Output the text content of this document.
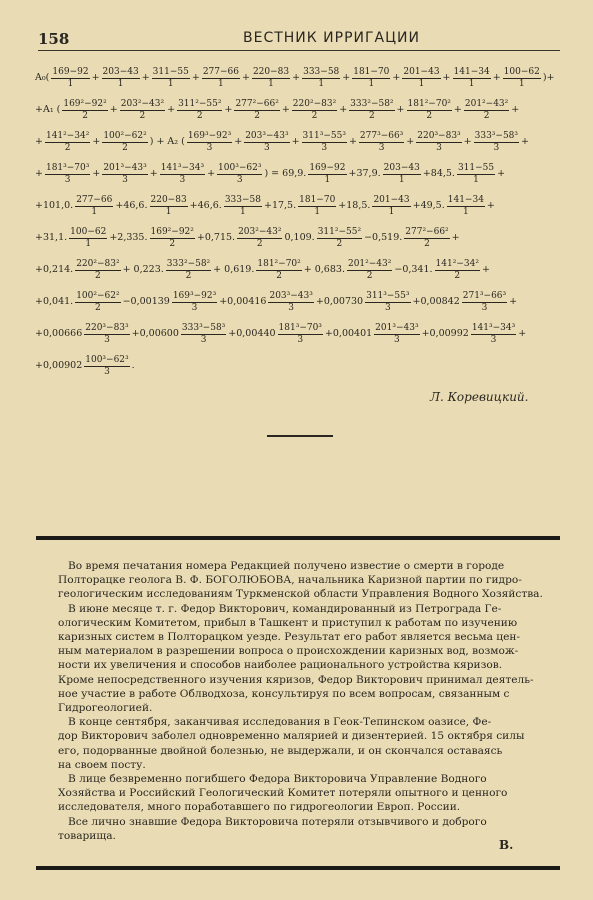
158	ВЕСТНИК ИРРИГАЦИИ
$A_0( \frac{169-92}{1} + \frac{203-43}{1} + \frac{311-55}{1} + \frac{277-66}{1} + \frac{220-83}{1} + \frac{333-58}{1} + \frac{181-70}{1} + \frac{201-43}{1} + \frac{141-34}{1} + \frac{100-62}{1}$ )+
+A₁ ( $\frac{\text{169²−92²}}{2} + \frac{\text{203²−43²}}{2} + \frac{\text{311²−55²}}{2} + \frac{\text{277²−66²}}{2} + \frac{\text{220²−83²}}{2} + \frac{\text{333²−58²}}{2} + \frac{\text{181²−70²}}{2} + \frac{\text{201²−43²}}{2}$ +
+ $\frac{\text{141²−34²}}{2} + \frac{\text{100²−62²}}{2}$ ) + A₂ ( $\frac{\text{169³−92³}}{3} + \frac{\text{203³−43³}}{3} + \frac{\text{311³−55³}}{3} + \frac{\text{277³−66³}}{3} + \frac{\text{220³−83³}}{3} + \frac{\text{333³−58³}}{3}$ +
+ $\frac{\text{181³−70³}}{3} + \frac{\text{201³−43³}}{3} + \frac{\text{141³−34³}}{3} + \frac{\text{100³−62³}}{3}$ ) = 69,9. $\frac{169-92}{1} +37,9$. $\frac{203-43}{1} +84,5$. $\frac{311-55}{1}$ +
+101,0. $\frac{277-66}{1} +46,6$. $\frac{220-83}{1} +46,6$. $\frac{333-58}{1} +17,5$. $\frac{181-70}{1} +18,5$. $\frac{201-43}{1} +49,5$. $\frac{141-34}{1}$ +
+31,1. $\frac{100-62}{1} +2,335$. $\frac{\text{169²−92²}}{2} +0,715$. $\frac{\text{203²−43²}}{2} 0,109$. $\frac{\text{311²−55²}}{2} -0,519$. $\frac{\text{277²−66²}}{2}$ +
+0,214. $\frac{\text{220²−83²}}{2} + 0,223$. $\frac{\text{333²−58²}}{2} + 0,619$. $\frac{\text{181²−70²}}{2} + 0,683$. $\frac{\text{201²−43²}}{2} -0,341$. $\frac{\text{141²−34²}}{2}$ +
+0,041. $\frac{\text{100²−62²}}{2} -0,00139 \frac{\text{169³−92³}}{3} +0,00416 \frac{\text{203³−43³}}{3} +0,00730 \frac{\text{311³−55³}}{3} +0,00842 \frac{\text{271³−66³}}{3}$ +
$+0,00666 \frac{\text{220³−83³}}{3} +0,00600 \frac{\text{333³−58³}}{3} +0,00440 \frac{\text{181³−70³}}{3} +0,00401 \frac{\text{201³−43³}}{3} +0,00992 \frac{\text{141³−34³}}{3}$ +
$+0,00902 \frac{\text{100³−62³}}{3}$ .
Л. Коревицкий.

Во время печатания номера Редакцией получено известие о смерти в городе
Полторацке геолога В. Ф. БОГОЛЮБОВА, начальника Каризной партии по гидро-
геологическим исследованиям Туркменской области Управления Водного Хозяйства.

В июне месяце т. г. Федор Викторович, командированный из Петрограда Ге-
ологическим Комитетом, прибыл в Ташкент и приступил к работам по изучению
каризных систем в Полторацком уезде. Результат его работ является весьма цен-
ным материалом в разрешении вопроса о происхождении каризных вод, возмож-
ности их увеличения и способов наиболее рационального устройства кяризов.
Кроме непосредственного изучения кяризов, Федор Викторович принимал деятель-
ное участие в работе Облводхоза, консультируя по всем вопросам, связанным с
Гидрогеологией.

В конце сентября, заканчивая исследования в Геок-Тепинском оазисе, Фе-
дор Викторович заболел одновременно малярией и дизентерией. 15 октября силы
его, подорванные двойной болезнью, не выдержали, и он скончался оставаясь
на своем посту.

В лице безвременно погибшего Федора Викторовича Управление Водного
Хозяйства и Российский Геологический Комитет потеряли опытного и ценного
исследователя, много поработавшего по гидрогеологии Европ. России.

Все лично знавшие Федора Викторовича потеряли отзывчивого и доброго
товарища.

В.
